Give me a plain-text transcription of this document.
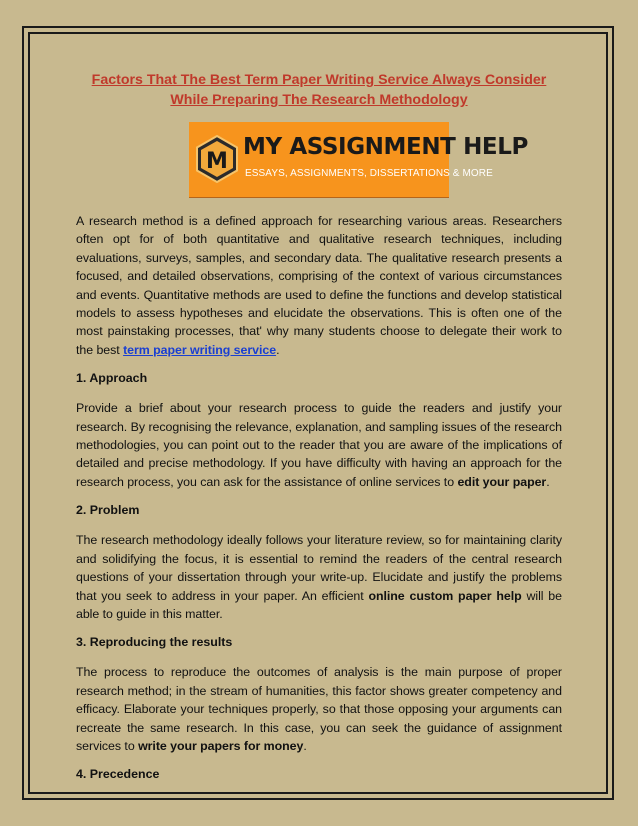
Factors That The Best Term Paper Writing Service Always Consider
While Preparing The Research Methodology
M
MY ASSIGNMENT HELP
ESSAYS, ASSIGNMENTS, DISSERTATIONS & MORE

A research method is a defined approach for researching various areas. Researchers often opt for of both quantitative and qualitative research techniques, including evaluations, surveys, samples, and secondary data. The qualitative research presents a focused, and detailed observations, comprising of the context of various circumstances and events. Quantitative methods are used to define the functions and develop statistical models to assess hypotheses and elucidate the observations. This is often one of the most painstaking processes, that' why many students choose to delegate their work to the best term paper writing service.

1. Approach

Provide a brief about your research process to guide the readers and justify your research. By recognising the relevance, explanation, and sampling issues of the research methodologies, you can point out to the reader that you are aware of the implications of detailed and precise methodology. If you have difficulty with having an approach for the research process, you can ask for the assistance of online services to edit your paper.

2. Problem

The research methodology ideally follows your literature review, so for maintaining clarity and solidifying the focus, it is essential to remind the readers of the central research questions of your dissertation through your write-up. Elucidate and justify the problems that you seek to address in your paper. An efficient online custom paper help will be able to guide in this matter.

3. Reproducing the results

The process to reproduce the outcomes of analysis is the main purpose of proper research method; in the stream of humanities, this factor shows greater competency and efficacy. Elaborate your techniques properly, so that those opposing your arguments can recreate the same research. In this case, you can seek the guidance of assignment services to write your papers for money.

4. Precedence
